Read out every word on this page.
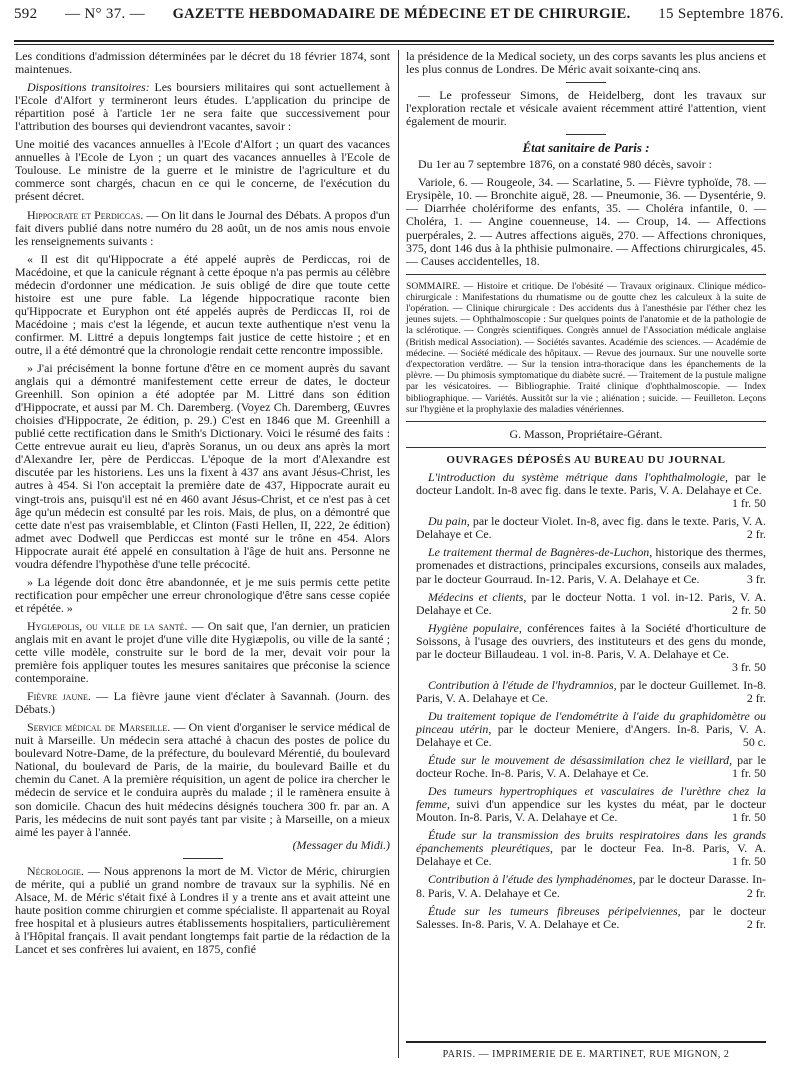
592 — N° 37. — GAZETTE HEBDOMADAIRE DE MÉDECINE ET DE CHIRURGIE. 15 Septembre 1876.

Les conditions d'admission déterminées par le décret du 18 février 1874, sont maintenues.

Dispositions transitoires: Les boursiers militaires qui sont actuellement à l'Ecole d'Alfort y termineront leurs études. L'application du principe de répartition posé à l'article 1er ne sera faite que successivement pour l'attribution des bourses qui deviendront vacantes, savoir :

Une moitié des vacances annuelles à l'Ecole d'Alfort ; un quart des vacances annuelles à l'Ecole de Lyon ; un quart des vacances annuelles à l'Ecole de Toulouse. Le ministre de la guerre et le ministre de l'agriculture et du commerce sont chargés, chacun en ce qui le concerne, de l'exécution du présent décret.

Hippocrate et Perdiccas. — On lit dans le Journal des Débats. A propos d'un fait divers publié dans notre numéro du 28 août, un de nos amis nous envoie les renseignements suivants :

« Il est dit qu'Hippocrate a été appelé auprès de Perdiccas, roi de Macédoine, et que la canicule régnant à cette époque n'a pas permis au célèbre médecin d'ordonner une médication. Je suis obligé de dire que toute cette histoire est une pure fable. La légende hippocratique raconte bien qu'Hippocrate et Euryphon ont été appelés auprès de Perdiccas II, roi de Macédoine ; mais c'est la légende, et aucun texte authentique n'est venu la confirmer. M. Littré a depuis longtemps fait justice de cette histoire ; et en outre, il a été démontré que la chronologie rendait cette rencontre impossible.

» J'ai précisément la bonne fortune d'être en ce moment auprès du savant anglais qui a démontré manifestement cette erreur de dates, le docteur Greenhill. Son opinion a été adoptée par M. Littré dans son édition d'Hippocrate, et aussi par M. Ch. Daremberg. (Voyez Ch. Daremberg, Œuvres choisies d'Hippocrate, 2e édition, p. 29.) C'est en 1846 que M. Greenhill a publié cette rectification dans le Smith's Dictionary. Voici le résumé des faits : Cette entrevue aurait eu lieu, d'après Soranus, un ou deux ans après la mort d'Alexandre Ier, père de Perdiccas. L'époque de la mort d'Alexandre est discutée par les historiens. Les uns la fixent à 437 ans avant Jésus-Christ, les autres à 454. Si l'on acceptait la première date de 437, Hippocrate aurait eu vingt-trois ans, puisqu'il est né en 460 avant Jésus-Christ, et ce n'est pas à cet âge qu'un médecin est consulté par les rois. Mais, de plus, on a démontré que cette date n'est pas vraisemblable, et Clinton (Fasti Hellen, II, 222, 2e édition) admet avec Dodwell que Perdiccas est monté sur le trône en 454. Alors Hippocrate aurait été appelé en consultation à l'âge de huit ans. Personne ne voudra défendre l'hypothèse d'une telle précocité.

» La légende doit donc être abandonnée, et je me suis permis cette petite rectification pour empêcher une erreur chronologique d'être sans cesse copiée et répétée. »

Hygiæpolis, ou ville de la santé. — On sait que, l'an dernier, un praticien anglais mit en avant le projet d'une ville dite Hygiæpolis, ou ville de la santé ; cette ville modèle, construite sur le bord de la mer, devait voir pour la première fois appliquer toutes les mesures sanitaires que préconise la science contemporaine.

Fièvre jaune. — La fièvre jaune vient d'éclater à Savannah. (Journ. des Débats.)

Service médical de Marseille. — On vient d'organiser le service médical de nuit à Marseille. Un médecin sera attaché à chacun des postes de police du boulevard Notre-Dame, de la préfecture, du boulevard Mérentié, du boulevard National, du boulevard de Paris, de la mairie, du boulevard Baille et du chemin du Canet. A la première réquisition, un agent de police ira chercher le médecin de service et le conduira auprès du malade ; il le ramènera ensuite à son domicile. Chacun des huit médecins désignés touchera 300 fr. par an. A Paris, les médecins de nuit sont payés tant par visite ; à Marseille, on a mieux aimé les payer à l'année.

(Messager du Midi.)

Nécrologie. — Nous apprenons la mort de M. Victor de Méric, chirurgien de mérite, qui a publié un grand nombre de travaux sur la syphilis. Né en Alsace, M. de Méric s'était fixé à Londres il y a trente ans et avait atteint une haute position comme chirurgien et comme spécialiste. Il appartenait au Royal free hospital et à plusieurs autres établissements hospitaliers, particulièrement à l'Hôpital français. Il avait pendant longtemps fait partie de la rédaction de la Lancet et ses confrères lui avaient, en 1875, confié

la présidence de la Medical society, un des corps savants les plus anciens et les plus connus de Londres. De Méric avait soixante-cinq ans.

— Le professeur Simons, de Heidelberg, dont les travaux sur l'exploration rectale et vésicale avaient récemment attiré l'attention, vient également de mourir.

État sanitaire de Paris :

Du 1er au 7 septembre 1876, on a constaté 980 décès, savoir :

Variole, 6. — Rougeole, 34. — Scarlatine, 5. — Fièvre typhoïde, 78. — Erysipèle, 10. — Bronchite aiguë, 28. — Pneumonie, 36. — Dysentérie, 9. — Diarrhée cholériforme des enfants, 35. — Choléra infantile, 0. — Choléra, 1. — Angine couenneuse, 14. — Croup, 14. — Affections puerpérales, 2. — Autres affections aiguës, 270. — Affections chroniques, 375, dont 146 dus à la phthisie pulmonaire. — Affections chirurgicales, 45. — Causes accidentelles, 18.

SOMMAIRE. — Histoire et critique. De l'obésité — Travaux originaux. Clinique médico-chirurgicale : Manifestations du rhumatisme ou de goutte chez les calculeux à la suite de l'opération. — Clinique chirurgicale : Des accidents dus à l'anesthésie par l'éther chez les jeunes sujets. — Ophthalmoscopie : Sur quelques points de l'anatomie et de la pathologie de la sclérotique. — Congrès scientifiques. Congrès annuel de l'Association médicale anglaise (British medical Association). — Sociétés savantes. Académie des sciences. — Académie de médecine. — Société médicale des hôpitaux. — Revue des journaux. Sur une nouvelle sorte d'expectoration verdâtre. — Sur la tension intra-thoracique dans les épanchements de la plèvre. — Du phimosis symptomatique du diabète sucré. — Traitement de la pustule maligne par les vésicatoires. — Bibliographie. Traité clinique d'ophthalmoscopie. — Index bibliographique. — Variétés. Aussitôt sur la vie ; aliénation ; suicide. — Feuilleton. Leçons sur l'hygiène et la prophylaxie des maladies vénériennes.

G. Masson, Propriétaire-Gérant.

OUVRAGES DÉPOSÉS AU BUREAU DU JOURNAL

L'introduction du système métrique dans l'ophthalmologie, par le docteur Landolt. In-8 avec fig. dans le texte. Paris, V. A. Delahaye et Ce.
1 fr. 50

Du pain, par le docteur Violet. In-8, avec fig. dans le texte. Paris, V. A. Delahaye et Ce.	2 fr.

Le traitement thermal de Bagnères-de-Luchon, historique des thermes, promenades et distractions, principales excursions, conseils aux malades, par le docteur Gourraud. In-12. Paris, V. A. Delahaye et Ce.	3 fr.

Médecins et clients, par le docteur Notta. 1 vol. in-12. Paris, V. A. Delahaye et Ce.	2 fr. 50

Hygiène populaire, conférences faites à la Société d'horticulture de Soissons, à l'usage des ouvriers, des instituteurs et des gens du monde, par le docteur Billaudeau. 1 vol. in-8. Paris, V. A. Delahaye et Ce.
3 fr. 50

Contribution à l'étude de l'hydramnios, par le docteur Guillemet. In-8. Paris, V. A. Delahaye et Ce.	2 fr.

Du traitement topique de l'endométrite à l'aide du graphidomètre ou pinceau utérin, par le docteur Meniere, d'Angers. In-8. Paris, V. A. Delahaye et Ce.	50 c.

Étude sur le mouvement de désassimilation chez le vieillard, par le docteur Roche. In-8. Paris, V. A. Delahaye et Ce.	1 fr. 50

Des tumeurs hypertrophiques et vasculaires de l'urèthre chez la femme, suivi d'un appendice sur les kystes du méat, par le docteur Mouton. In-8. Paris, V. A. Delahaye et Ce.	1 fr. 50

Étude sur la transmission des bruits respiratoires dans les grands épanchements pleurétiques, par le docteur Fea. In-8. Paris, V. A. Delahaye et Ce.	1 fr. 50

Contribution à l'étude des lymphadénomes, par le docteur Darasse. In-8. Paris, V. A. Delahaye et Ce.	2 fr.

Étude sur les tumeurs fibreuses péripelviennes, par le docteur Salesses. In-8. Paris, V. A. Delahaye et Ce.	2 fr.

PARIS. — IMPRIMERIE DE E. MARTINET, RUE MIGNON, 2
